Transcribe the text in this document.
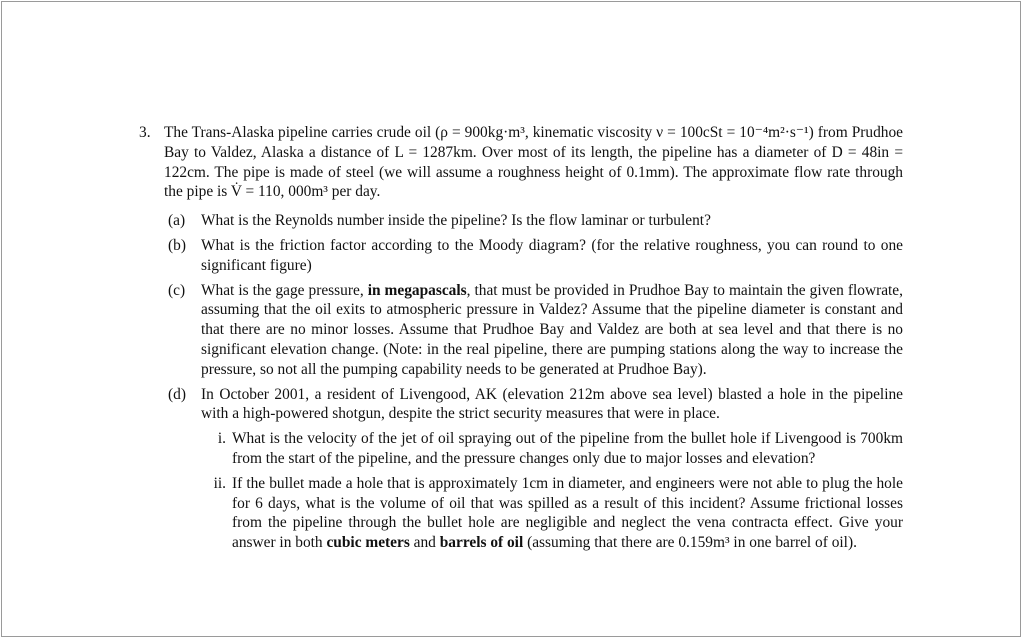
3. The Trans-Alaska pipeline carries crude oil (ρ = 900kg·m³, kinematic viscosity ν = 100cSt = 10⁻⁴m²·s⁻¹) from Prudhoe Bay to Valdez, Alaska a distance of L = 1287km. Over most of its length, the pipeline has a diameter of D = 48in = 122cm. The pipe is made of steel (we will assume a roughness height of 0.1mm). The approximate flow rate through the pipe is V̇ = 110, 000m³ per day.
(a)	What is the Reynolds number inside the pipeline? Is the flow laminar or turbulent?
(b) What is the friction factor according to the Moody diagram? (for the relative roughness, you can round to one significant figure)
(c)	What is the gage pressure, in megapascals, that must be provided in Prudhoe Bay to maintain the given flowrate, assuming that the oil exits to atmospheric pressure in Valdez? Assume that the pipeline diameter is constant and that there are no minor losses. Assume that Prudhoe Bay and Valdez are both at sea level and that there is no significant elevation change. (Note: in the real pipeline, there are pumping stations along the way to increase the pressure, so not all the pumping capability needs to be generated at Prudhoe Bay).
(d) In October 2001, a resident of Livengood, AK (elevation 212m above sea level) blasted a hole in the pipeline with a high-powered shotgun, despite the strict security measures that were in place.
i. What is the velocity of the jet of oil spraying out of the pipeline from the bullet hole if Livengood is 700km from the start of the pipeline, and the pressure changes only due to major losses and elevation?
ii. If the bullet made a hole that is approximately 1cm in diameter, and engineers were not able to plug the hole for 6 days, what is the volume of oil that was spilled as a result of this incident? Assume frictional losses from the pipeline through the bullet hole are negligible and neglect the vena contracta effect. Give your answer in both cubic meters and barrels of oil (assuming that there are 0.159m³ in one barrel of oil).
